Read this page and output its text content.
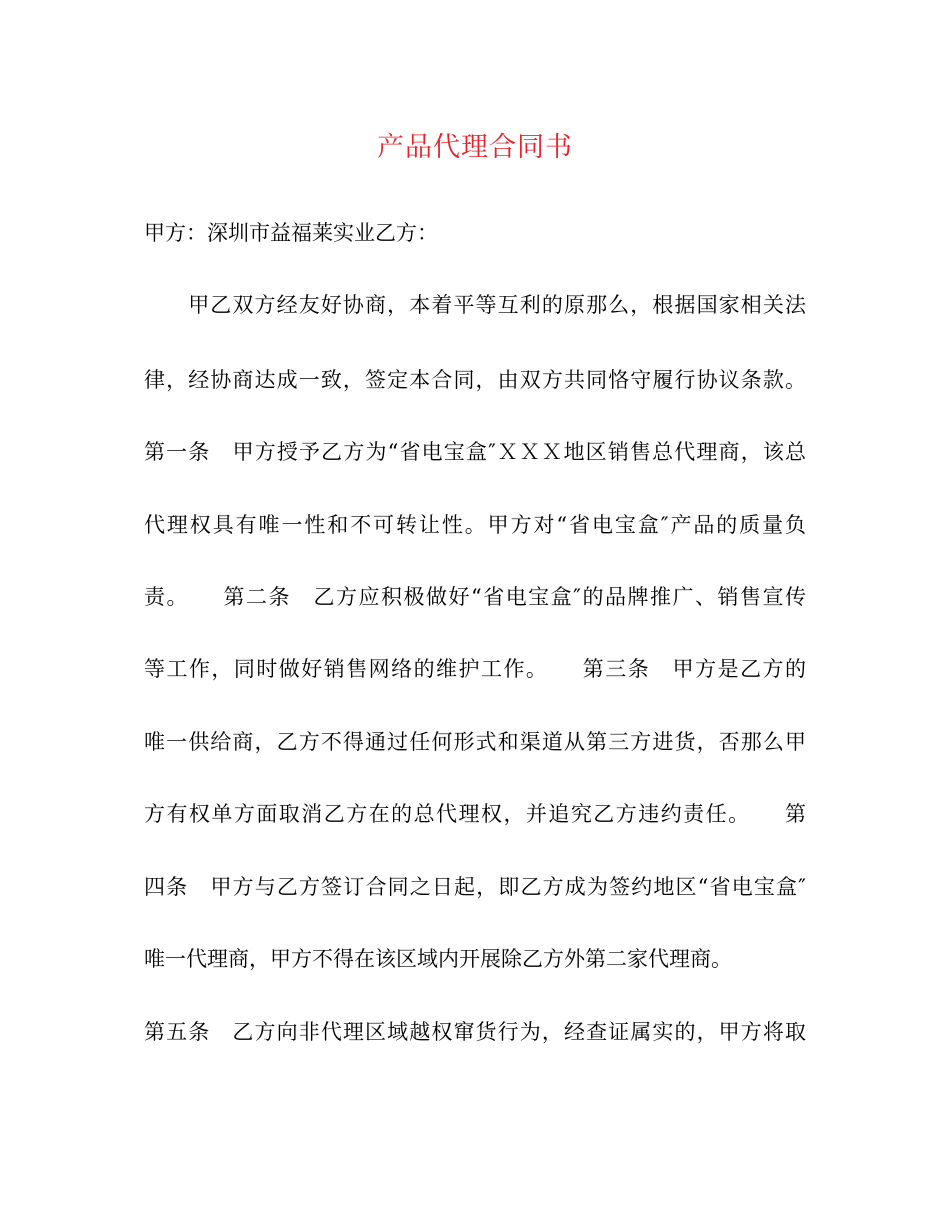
产品代理合同书
甲方：深圳市益福莱实业乙方：
　　甲乙双方经友好协商，本着平等互利的原那么，根据国家相关法
律，经协商达成一致，签定本合同，由双方共同恪守履行协议条款。
第一条　甲方授予乙方为“省电宝盒″ＸＸＸ地区销售总代理商，该总
代理权具有唯一性和不可转让性。甲方对“省电宝盒″产品的质量负
责。　　第二条　乙方应积极做好“省电宝盒″的品牌推广、销售宣传
等工作，同时做好销售网络的维护工作。　　第三条　甲方是乙方的
唯一供给商，乙方不得通过任何形式和渠道从第三方进货，否那么甲
方有权单方面取消乙方在的总代理权，并追究乙方违约责任。　　第
四条　甲方与乙方签订合同之日起，即乙方成为签约地区“省电宝盒″
唯一代理商，甲方不得在该区域内开展除乙方外第二家代理商。
第五条　乙方向非代理区域越权窜货行为，经查证属实的，甲方将取
